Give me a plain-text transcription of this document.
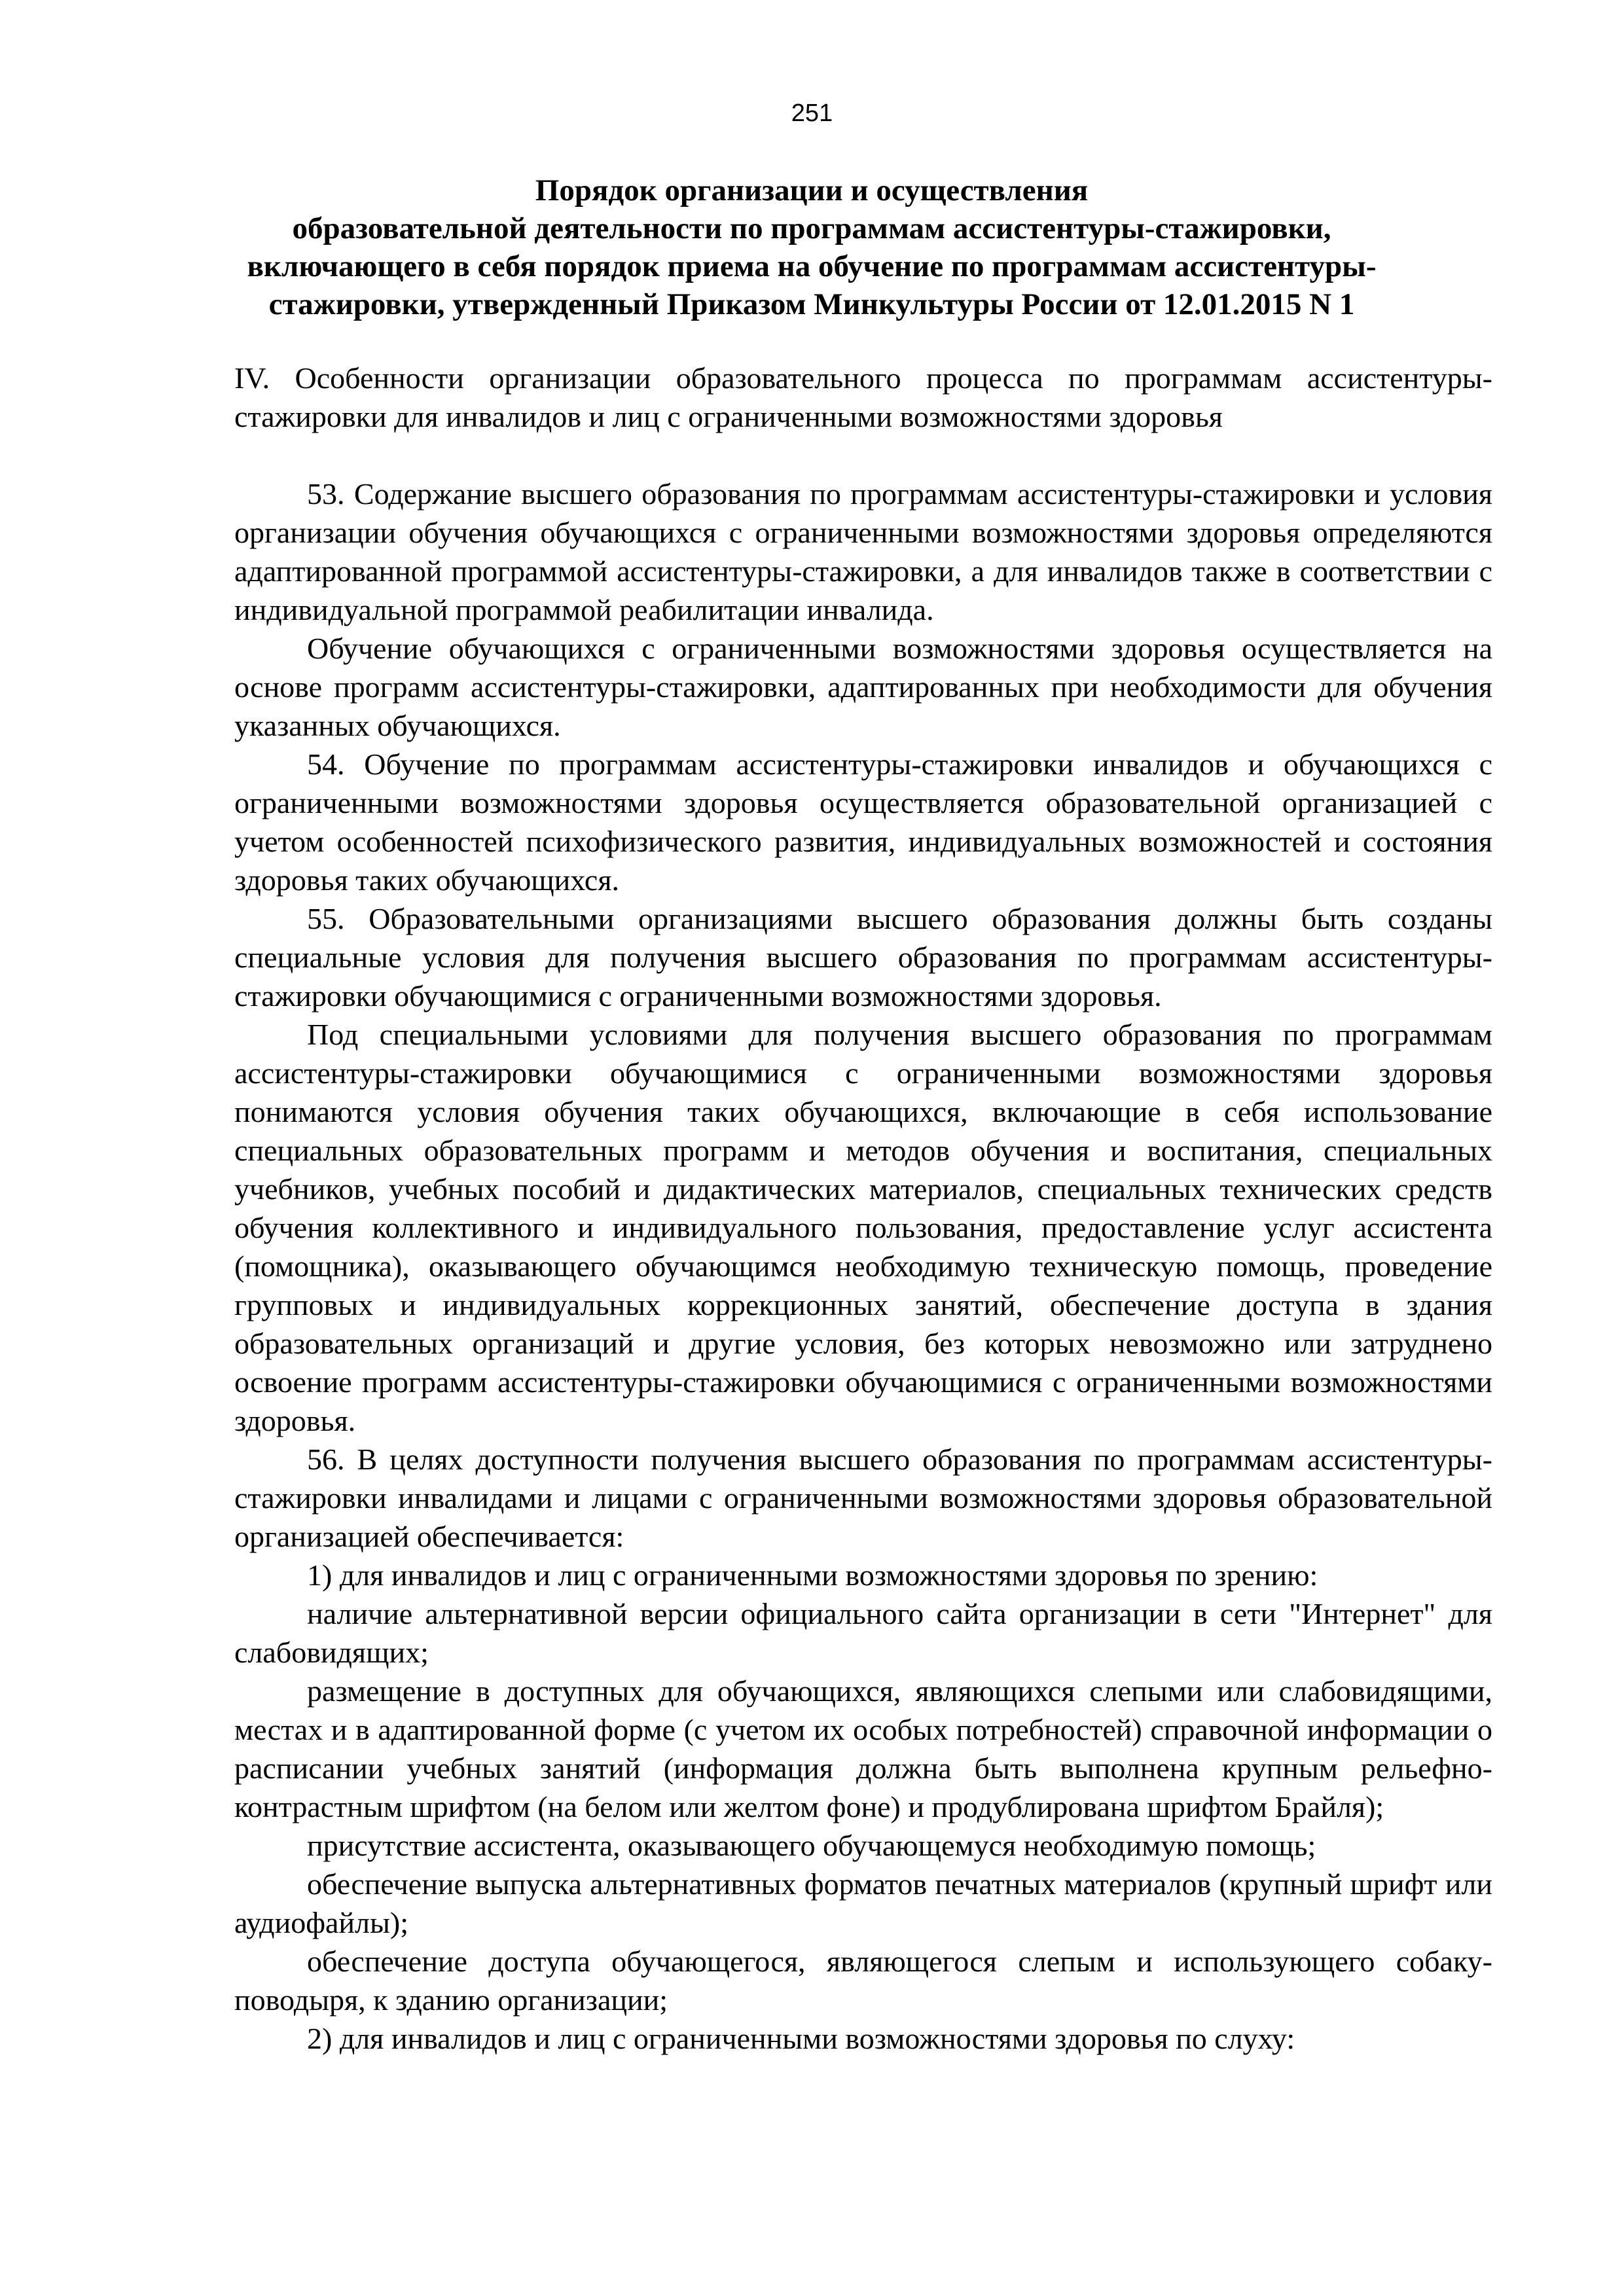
251
Порядок организации и осуществления
образовательной деятельности по программам ассистентуры-стажировки,
включающего в себя порядок приема на обучение по программам ассистентуры-
стажировки, утвержденный Приказом Минкультуры России от 12.01.2015 N 1

IV. Особенности организации образовательного процесса по программам ассистентуры-стажировки для инвалидов и лиц с ограниченными возможностями здоровья

53. Содержание высшего образования по программам ассистентуры-стажировки и условия организации обучения обучающихся с ограниченными возможностями здоровья определяются адаптированной программой ассистентуры-стажировки, а для инвалидов также в соответствии с индивидуальной программой реабилитации инвалида.

Обучение обучающихся с ограниченными возможностями здоровья осуществляется на основе программ ассистентуры-стажировки, адаптированных при необходимости для обучения указанных обучающихся.

54. Обучение по программам ассистентуры-стажировки инвалидов и обучающихся с ограниченными возможностями здоровья осуществляется образовательной организацией с учетом особенностей психофизического развития, индивидуальных возможностей и состояния здоровья таких обучающихся.

55. Образовательными организациями высшего образования должны быть созданы специальные условия для получения высшего образования по программам ассистентуры-стажировки обучающимися с ограниченными возможностями здоровья.

Под специальными условиями для получения высшего образования по программам ассистентуры-стажировки обучающимися с ограниченными возможностями здоровья понимаются условия обучения таких обучающихся, включающие в себя использование специальных образовательных программ и методов обучения и воспитания, специальных учебников, учебных пособий и дидактических материалов, специальных технических средств обучения коллективного и индивидуального пользования, предоставление услуг ассистента (помощника), оказывающего обучающимся необходимую техническую помощь, проведение групповых и индивидуальных коррекционных занятий, обеспечение доступа в здания образовательных организаций и другие условия, без которых невозможно или затруднено освоение программ ассистентуры-стажировки обучающимися с ограниченными возможностями здоровья.

56. В целях доступности получения высшего образования по программам ассистентуры-стажировки инвалидами и лицами с ограниченными возможностями здоровья образовательной организацией обеспечивается:

1) для инвалидов и лиц с ограниченными возможностями здоровья по зрению:

наличие альтернативной версии официального сайта организации в сети "Интернет" для слабовидящих;

размещение в доступных для обучающихся, являющихся слепыми или слабовидящими, местах и в адаптированной форме (с учетом их особых потребностей) справочной информации о расписании учебных занятий (информация должна быть выполнена крупным рельефно-контрастным шрифтом (на белом или желтом фоне) и продублирована шрифтом Брайля);

присутствие ассистента, оказывающего обучающемуся необходимую помощь;

обеспечение выпуска альтернативных форматов печатных материалов (крупный шрифт или аудиофайлы);

обеспечение доступа обучающегося, являющегося слепым и использующего собаку-поводыря, к зданию организации;

2) для инвалидов и лиц с ограниченными возможностями здоровья по слуху:
